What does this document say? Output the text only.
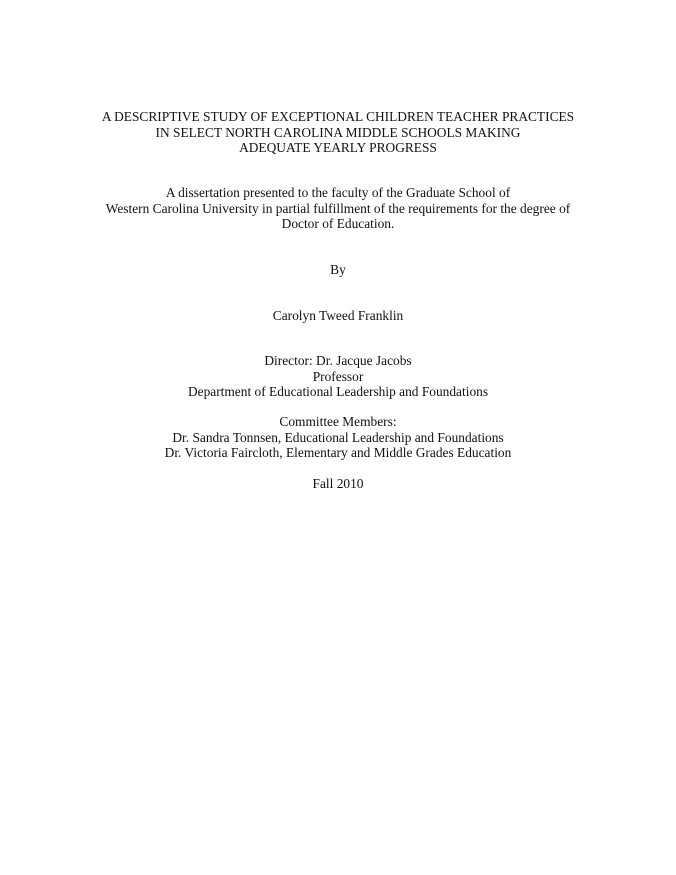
A DESCRIPTIVE STUDY OF EXCEPTIONAL CHILDREN TEACHER PRACTICES
IN SELECT NORTH CAROLINA MIDDLE SCHOOLS MAKING
ADEQUATE YEARLY PROGRESS
A dissertation presented to the faculty of the Graduate School of
Western Carolina University in partial fulfillment of the requirements for the degree of
Doctor of Education.
By
Carolyn Tweed Franklin
Director: Dr. Jacque Jacobs
Professor
Department of Educational Leadership and Foundations
Committee Members:
Dr. Sandra Tonnsen, Educational Leadership and Foundations
Dr. Victoria Faircloth, Elementary and Middle Grades Education
Fall 2010
